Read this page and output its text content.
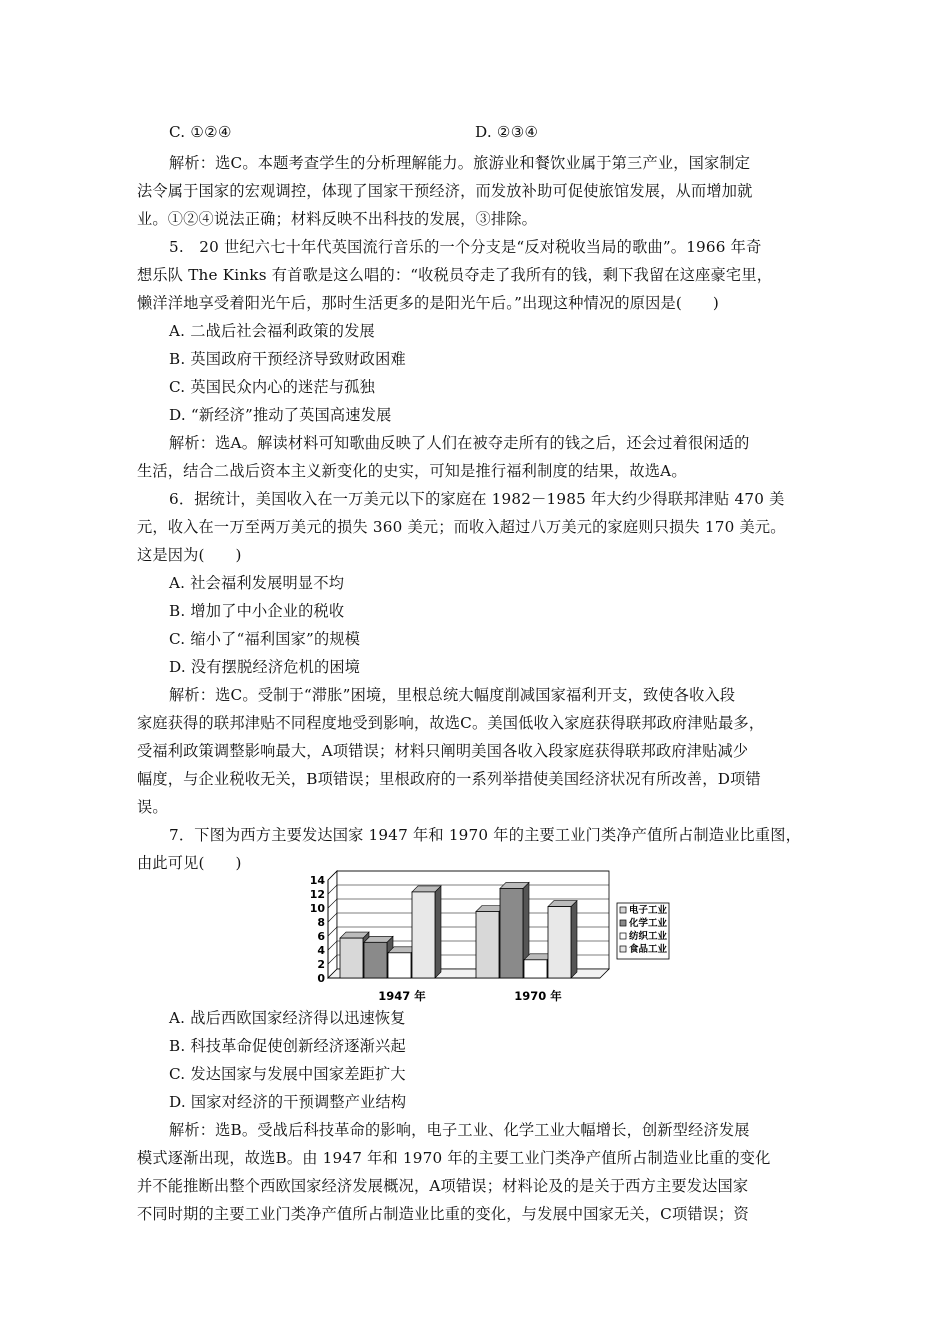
C. ①②④	D. ②③④
解析：选C。本题考查学生的分析理解能力。旅游业和餐饮业属于第三产业，国家制定
法令属于国家的宏观调控，体现了国家干预经济，而发放补助可促使旅馆发展，从而增加就
业。①②④说法正确；材料反映不出科技的发展，③排除。
5.　20 世纪六七十年代英国流行音乐的一个分支是“反对税收当局的歌曲”。1966 年奇
想乐队 The Kinks 有首歌是这么唱的：“收税员夺走了我所有的钱，剩下我留在这座豪宅里，
懒洋洋地享受着阳光午后，那时生活更多的是阳光午后。”出现这种情况的原因是(　　)
A. 二战后社会福利政策的发展
B. 英国政府干预经济导致财政困难
C. 英国民众内心的迷茫与孤独
D. “新经济”推动了英国高速发展
解析：选A。解读材料可知歌曲反映了人们在被夺走所有的钱之后，还会过着很闲适的
生活，结合二战后资本主义新变化的史实，可知是推行福利制度的结果，故选A。
6．据统计，美国收入在一万美元以下的家庭在 1982－1985 年大约少得联邦津贴 470 美
元，收入在一万至两万美元的损失 360 美元；而收入超过八万美元的家庭则只损失 170 美元。
这是因为(　　)
A. 社会福利发展明显不均
B. 增加了中小企业的税收
C. 缩小了“福利国家”的规模
D. 没有摆脱经济危机的困境
解析：选C。受制于“滞胀”困境，里根总统大幅度削减国家福利开支，致使各收入段
家庭获得的联邦津贴不同程度地受到影响，故选C。美国低收入家庭获得联邦政府津贴最多，
受福利政策调整影响最大，A项错误；材料只阐明美国各收入段家庭获得联邦政府津贴减少
幅度，与企业税收无关，B项错误；里根政府的一系列举措使美国经济状况有所改善，D项错
误。
7．下图为西方主要发达国家 1947 年和 1970 年的主要工业门类净产值所占制造业比重图，
由此可见(　　)
0
2
4
6
8
10
12
14
1947 年	1970 年
电子工业
化学工业
纺织工业
食品工业
A. 战后西欧国家经济得以迅速恢复
B. 科技革命促使创新经济逐渐兴起
C. 发达国家与发展中国家差距扩大
D. 国家对经济的干预调整产业结构
解析：选B。受战后科技革命的影响，电子工业、化学工业大幅增长，创新型经济发展
模式逐渐出现，故选B。由 1947 年和 1970 年的主要工业门类净产值所占制造业比重的变化
并不能推断出整个西欧国家经济发展概况，A项错误；材料论及的是关于西方主要发达国家
不同时期的主要工业门类净产值所占制造业比重的变化，与发展中国家无关，C项错误；资
